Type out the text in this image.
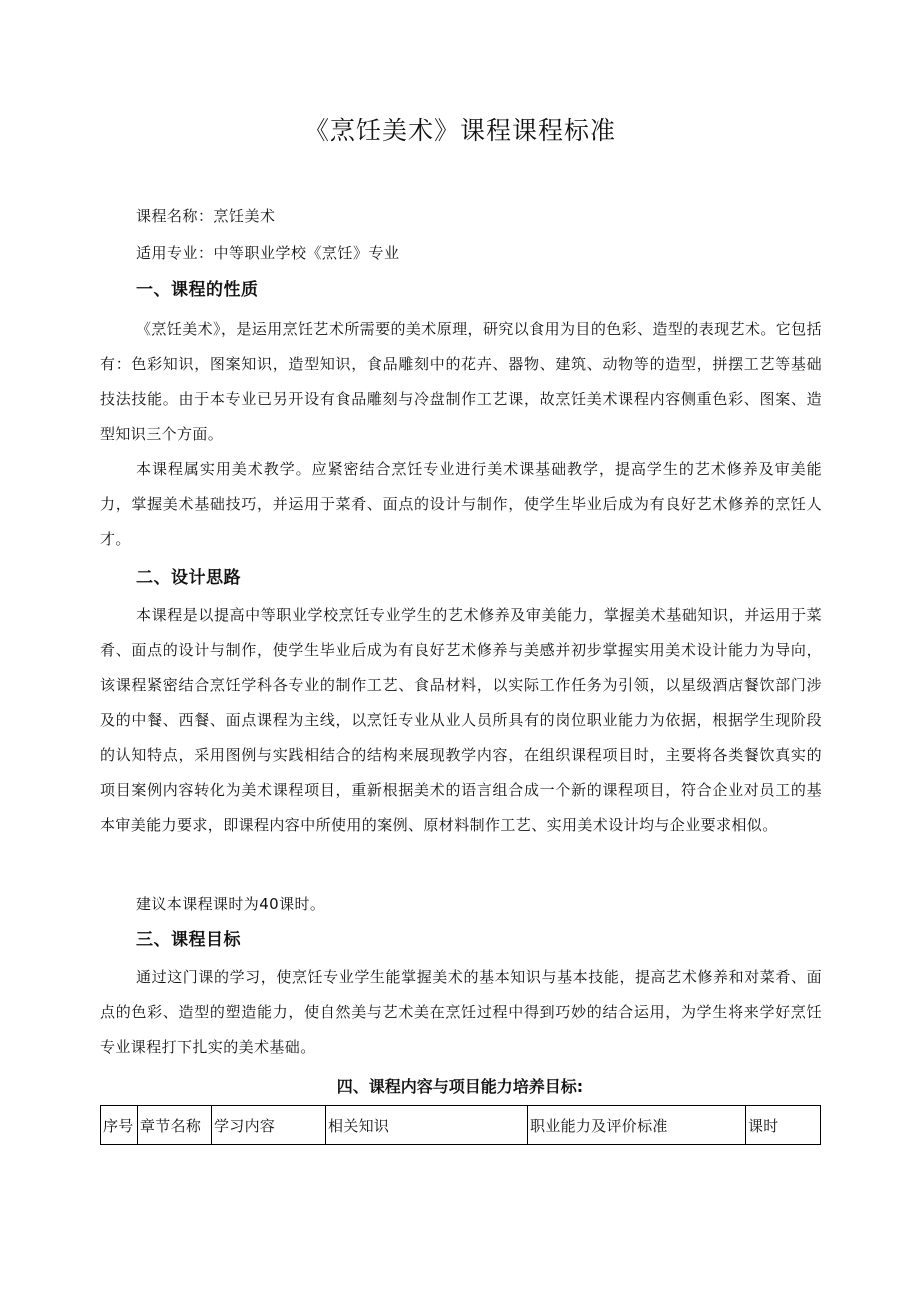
《烹饪美术》课程课程标准
课程名称：烹饪美术
适用专业：中等职业学校《烹饪》专业
一、课程的性质
《烹饪美术》，是运用烹饪艺术所需要的美术原理，研究以食用为目的色彩、造型的表现艺术。它包括有：色彩知识，图案知识，造型知识，食品雕刻中的花卉、器物、建筑、动物等的造型，拼摆工艺等基础技法技能。由于本专业已另开设有食品雕刻与冷盘制作工艺课，故烹饪美术课程内容侧重色彩、图案、造型知识三个方面。
本课程属实用美术教学。应紧密结合烹饪专业进行美术课基础教学，提高学生的艺术修养及审美能力，掌握美术基础技巧，并运用于菜肴、面点的设计与制作，使学生毕业后成为有良好艺术修养的烹饪人才。
二、设计思路
本课程是以提高中等职业学校烹饪专业学生的艺术修养及审美能力，掌握美术基础知识，并运用于菜肴、面点的设计与制作，使学生毕业后成为有良好艺术修养与美感并初步掌握实用美术设计能力为导向，该课程紧密结合烹饪学科各专业的制作工艺、食品材料，以实际工作任务为引领，以星级酒店餐饮部门涉及的中餐、西餐、面点课程为主线，以烹饪专业从业人员所具有的岗位职业能力为依据，根据学生现阶段的认知特点，采用图例与实践相结合的结构来展现教学内容，在组织课程项目时，主要将各类餐饮真实的项目案例内容转化为美术课程项目，重新根据美术的语言组合成一个新的课程项目，符合企业对员工的基本审美能力要求，即课程内容中所使用的案例、原材料制作工艺、实用美术设计均与企业要求相似。
建议本课程课时为40课时。
三、课程目标
通过这门课的学习，使烹饪专业学生能掌握美术的基本知识与基本技能，提高艺术修养和对菜肴、面点的色彩、造型的塑造能力，使自然美与艺术美在烹饪过程中得到巧妙的结合运用，为学生将来学好烹饪专业课程打下扎实的美术基础。
四、课程内容与项目能力培养目标:
序号	章节名称	学习内容	相关知识	职业能力及评价标准	课时
